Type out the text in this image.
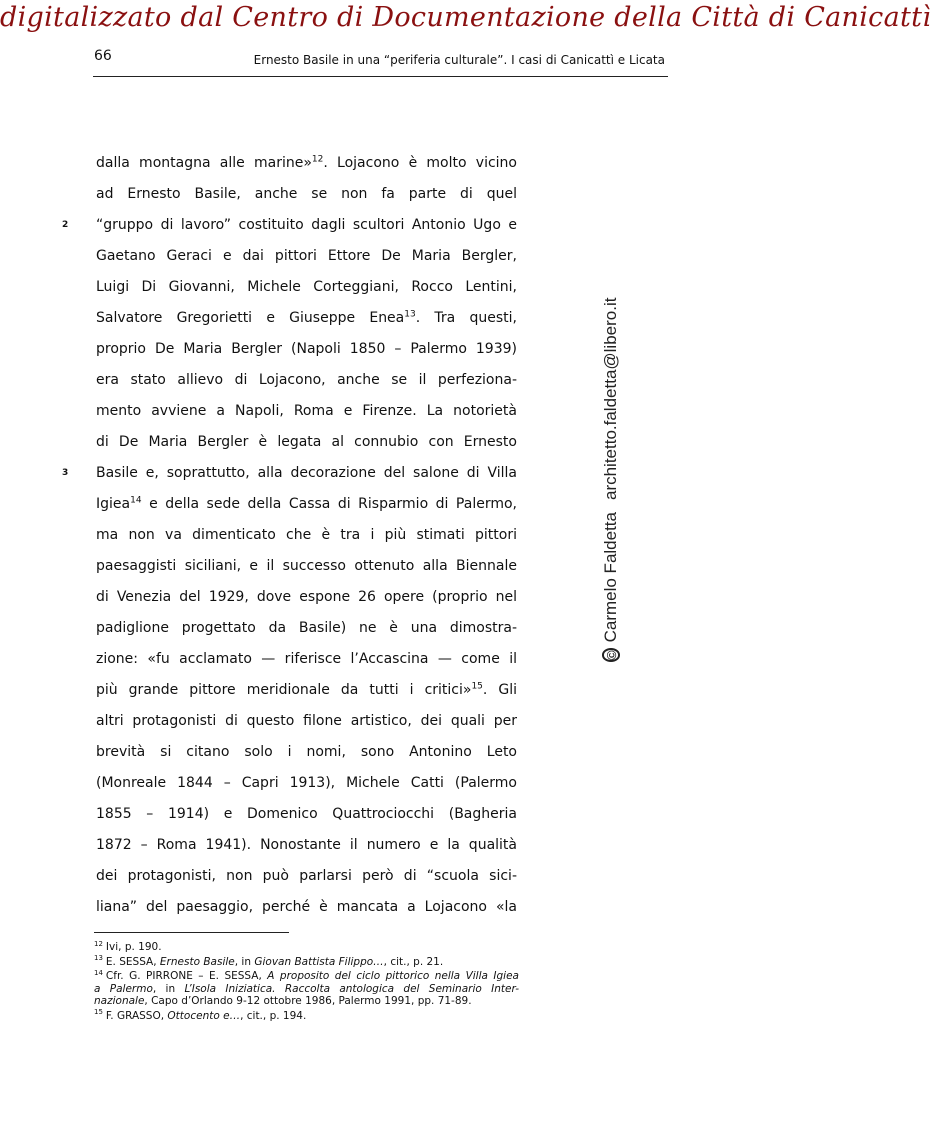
digitalizzato dal Centro di Documentazione della Città di Canicattì
66	Ernesto Basile in una “periferia culturale”. I casi di Canicattì e Licata
2
3
dalla montagna alle marine»$^{12}$. Lojacono è molto vicino
ad Ernesto Basile, anche se non fa parte di quel
“gruppo di lavoro” costituito dagli scultori Antonio Ugo e
Gaetano Geraci e dai pittori Ettore De Maria Bergler,
Luigi Di Giovanni, Michele Corteggiani, Rocco Lentini,
Salvatore Gregorietti e Giuseppe Enea$^{13}$. Tra questi,
proprio De Maria Bergler (Napoli 1850 – Palermo 1939)
era stato allievo di Lojacono, anche se il perfeziona-
mento avviene a Napoli, Roma e Firenze. La notorietà
di De Maria Bergler è legata al connubio con Ernesto
Basile e, soprattutto, alla decorazione del salone di Villa
Igiea$^{14}$ e della sede della Cassa di Risparmio di Palermo,
ma non va dimenticato che è tra i più stimati pittori
paesaggisti siciliani, e il successo ottenuto alla Biennale
di Venezia del 1929, dove espone 26 opere (proprio nel
padiglione progettato da Basile) ne è una dimostra-
zione: «fu acclamato — riferisce l’Accascina — come il
più grande pittore meridionale da tutti i critici»$^{15}$. Gli
altri protagonisti di questo filone artistico, dei quali per
brevità si citano solo i nomi, sono Antonino Leto
(Monreale 1844 – Capri 1913), Michele Catti (Palermo
1855 – 1914) e Domenico Quattrociocchi (Bagheria
1872 – Roma 1941). Nonostante il numero e la qualità
dei protagonisti, non può parlarsi però di “scuola sici-
liana” del paesaggio, perché è mancata a Lojacono «la
$^{12}$ Ivi, p. 190.
$^{13}$ E. SESSA, Ernesto Basile, in Giovan Battista Filippo…, cit., p. 21.
$^{14}$ Cfr. G. PIRRONE – E. SESSA, A proposito del ciclo pittorico nella Villa Igiea
a Palermo, in L’Isola Iniziatica. Raccolta antologica del Seminario Inter-
nazionale, Capo d’Orlando 9-12 ottobre 1986, Palermo 1991, pp. 71-89.
$^{15}$ F. GRASSO, Ottocento e…, cit., p. 194.
©
Carmelo Faldetta
architetto.faldetta@libero.it
